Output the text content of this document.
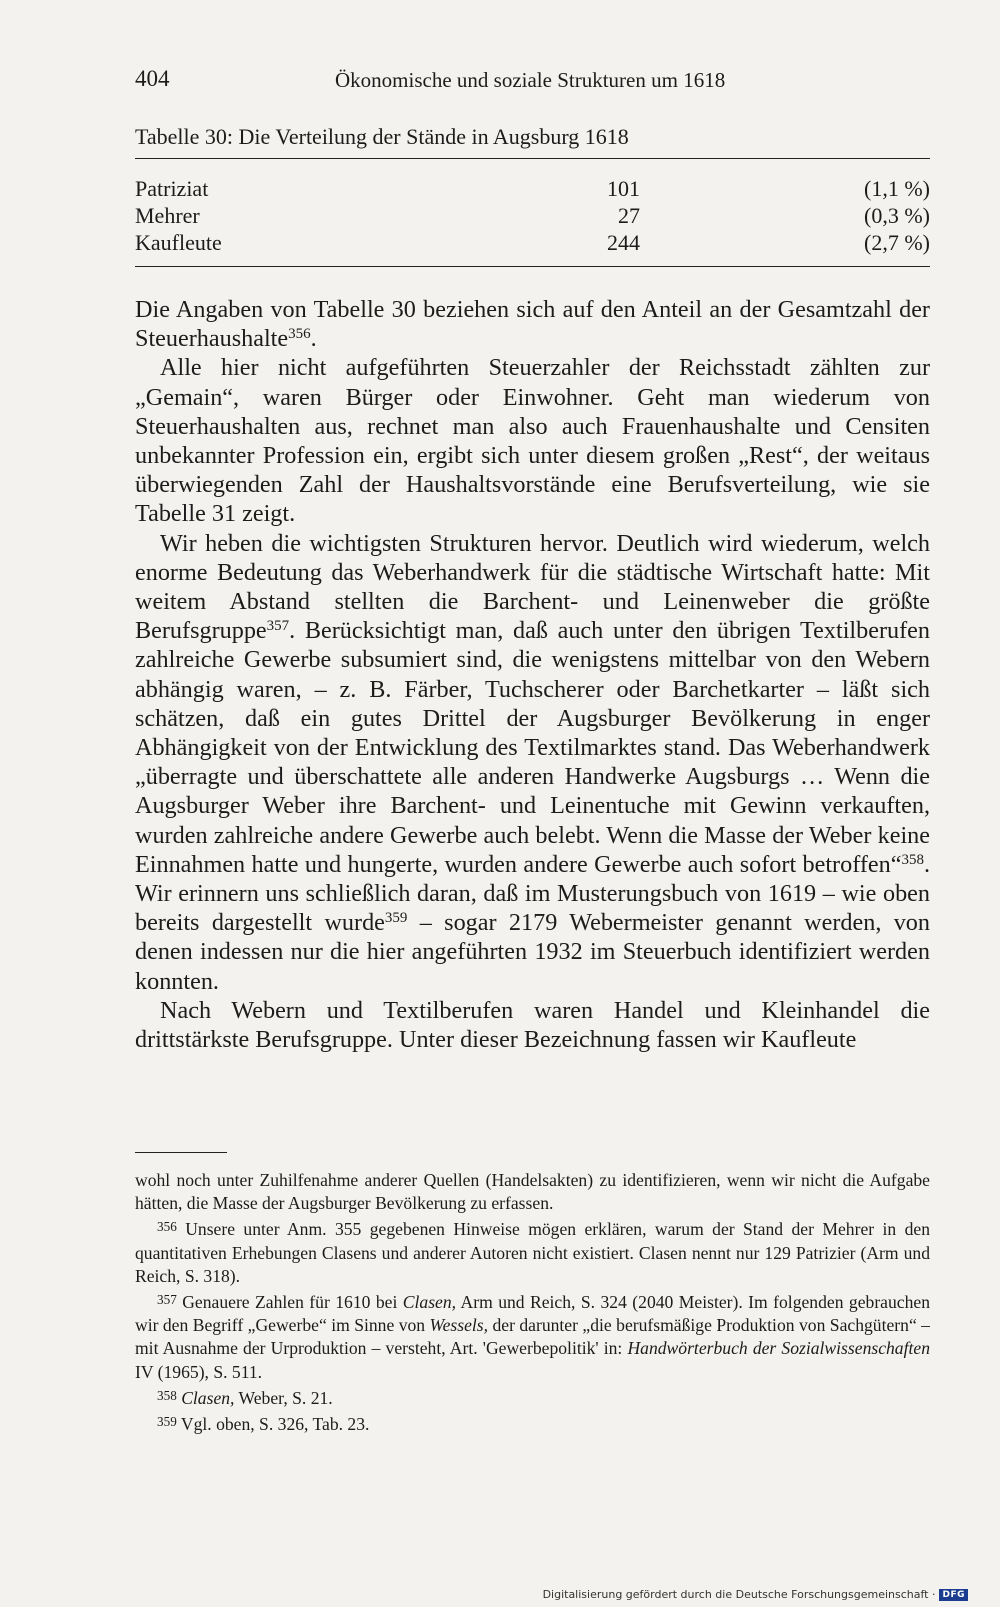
404	Ökonomische und soziale Strukturen um 1618
Tabelle 30: Die Verteilung der Stände in Augsburg 1618
Patriziat	101	(1,1 %)
Mehrer	27	(0,3 %)
Kaufleute	244	(2,7 %)

Die Angaben von Tabelle 30 beziehen sich auf den Anteil an der Gesamtzahl der Steuerhaushalte$^{356}$.

Alle hier nicht aufgeführten Steuerzahler der Reichsstadt zählten zur „Gemain“, waren Bürger oder Einwohner. Geht man wiederum von Steuerhaushalten aus, rechnet man also auch Frauenhaushalte und Censiten unbekannter Profession ein, ergibt sich unter diesem großen „Rest“, der weitaus überwiegenden Zahl der Haushaltsvorstände eine Berufsverteilung, wie sie Tabelle 31 zeigt.

Wir heben die wichtigsten Strukturen hervor. Deutlich wird wiederum, welch enorme Bedeutung das Weberhandwerk für die städtische Wirtschaft hatte: Mit weitem Abstand stellten die Barchent- und Leinenweber die größte Berufsgruppe$^{357}$. Berücksichtigt man, daß auch unter den übrigen Textilberufen zahlreiche Gewerbe subsumiert sind, die wenigstens mittelbar von den Webern abhängig waren, – z. B. Färber, Tuchscherer oder Barchetkarter – läßt sich schätzen, daß ein gutes Drittel der Augsburger Bevölkerung in enger Abhängigkeit von der Entwicklung des Textilmarktes stand. Das Weberhandwerk „überragte und überschattete alle anderen Handwerke Augsburgs … Wenn die Augsburger Weber ihre Barchent- und Leinentuche mit Gewinn verkauften, wurden zahlreiche andere Gewerbe auch belebt. Wenn die Masse der Weber keine Einnahmen hatte und hungerte, wurden andere Gewerbe auch sofort betroffen“$^{358}$. Wir erinnern uns schließlich daran, daß im Musterungsbuch von 1619 – wie oben bereits dargestellt wurde$^{359}$ – sogar 2179 Webermeister genannt werden, von denen indessen nur die hier angeführten 1932 im Steuerbuch identifiziert werden konnten.

Nach Webern und Textilberufen waren Handel und Kleinhandel die drittstärkste Berufsgruppe. Unter dieser Bezeichnung fassen wir Kaufleute

wohl noch unter Zuhilfenahme anderer Quellen (Handelsakten) zu identifizieren, wenn wir nicht die Aufgabe hätten, die Masse der Augsburger Bevölkerung zu erfassen.

$^{356}$ Unsere unter Anm. 355 gegebenen Hinweise mögen erklären, warum der Stand der Mehrer in den quantitativen Erhebungen Clasens und anderer Autoren nicht existiert. Clasen nennt nur 129 Patrizier (Arm und Reich, S. 318).

$^{357}$ Genauere Zahlen für 1610 bei Clasen, Arm und Reich, S. 324 (2040 Meister). Im folgenden gebrauchen wir den Begriff „Gewerbe“ im Sinne von Wessels, der darunter „die berufsmäßige Produktion von Sachgütern“ – mit Ausnahme der Urproduktion – versteht, Art. 'Gewerbepolitik' in: Handwörterbuch der Sozialwissenschaften IV (1965), S. 511.

$^{358}$ Clasen, Weber, S. 21.

$^{359}$ Vgl. oben, S. 326, Tab. 23.

Digitalisierung gefördert durch die Deutsche Forschungsgemeinschaft · DFG
